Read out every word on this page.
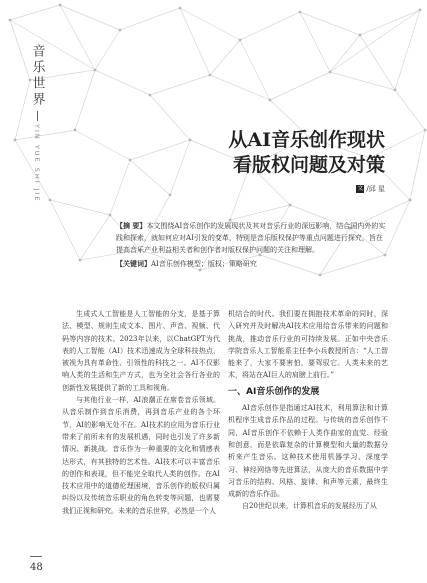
音乐世界
YIN YUE SHI JIE	从AI音乐创作现状
看版权问题及对策
文 /邱 星

【摘 要】本文围绕AI音乐创作的发展现状及其对音乐行业的深远影响，结合国内外的实践和探索，就如何应对AI引发的变革，特别是音乐版权保护等重点问题进行探究，旨在提高音乐产业利益相关者和创作者对版权保护问题的关注和理解。

【关键词】AI音乐创作模型；版权；策略研究

生成式人工智能是人工智能的分支，是基于算法、模型、规则生成文本、图片、声音、视频、代码等内容的技术。2023年以来，以ChatGPT为代表的人工智能（AI）技术迅速成为全球科技热点，被视为具有革命性、引领性的科技之一。AI不仅影响人类的生活和生产方式，也为全社会各行各业的创新性发展提供了新的工具和视角。

与其他行业一样，AI浪潮正在席卷音乐领域。从音乐制作到音乐消费，再到音乐产业的各个环节，AI的影响无处不在。AI技术的应用为音乐行业带来了前所未有的发展机遇，同时也引发了许多新情况、新挑战。音乐作为一种重要的文化和情感表达形式，有其独特的艺术性。AI技术可以丰富音乐的创作和表现，但不能完全取代人类的创作。在AI技术应用中的道德伦理困境，音乐创作的版权归属纠纷以及传统音乐职业的角色转变等问题，也需要我们正视和研究。未来的音乐世界，必然是一个人

机结合的时代。我们要在拥抱技术革命的同时，深入研究并及时解决AI技术应用给音乐带来的问题和挑战，推动音乐行业的可持续发展。正如中央音乐学院音乐人工智能系主任李小兵教授所言：“人工智能来了，大家不要害怕，要驾驭它。人类未来的艺术，将站在AI巨人的肩膀上前行。”

一、AI音乐创作的发展

AI音乐创作是指通过AI技术，利用算法和计算机程序生成音乐作品的过程。与传统的音乐创作不同，AI音乐创作不依赖于人类作曲家的直觉、经验和创意，而是依靠复杂的计算模型和大量的数据分析来产生音乐。这种技术使用机器学习、深度学习、神经网络等先进算法，从庞大的音乐数据中学习音乐的结构、风格、旋律、和声等元素，最终生成新的音乐作品。

自20世纪以来，计算机音乐的发展经历了从

48
